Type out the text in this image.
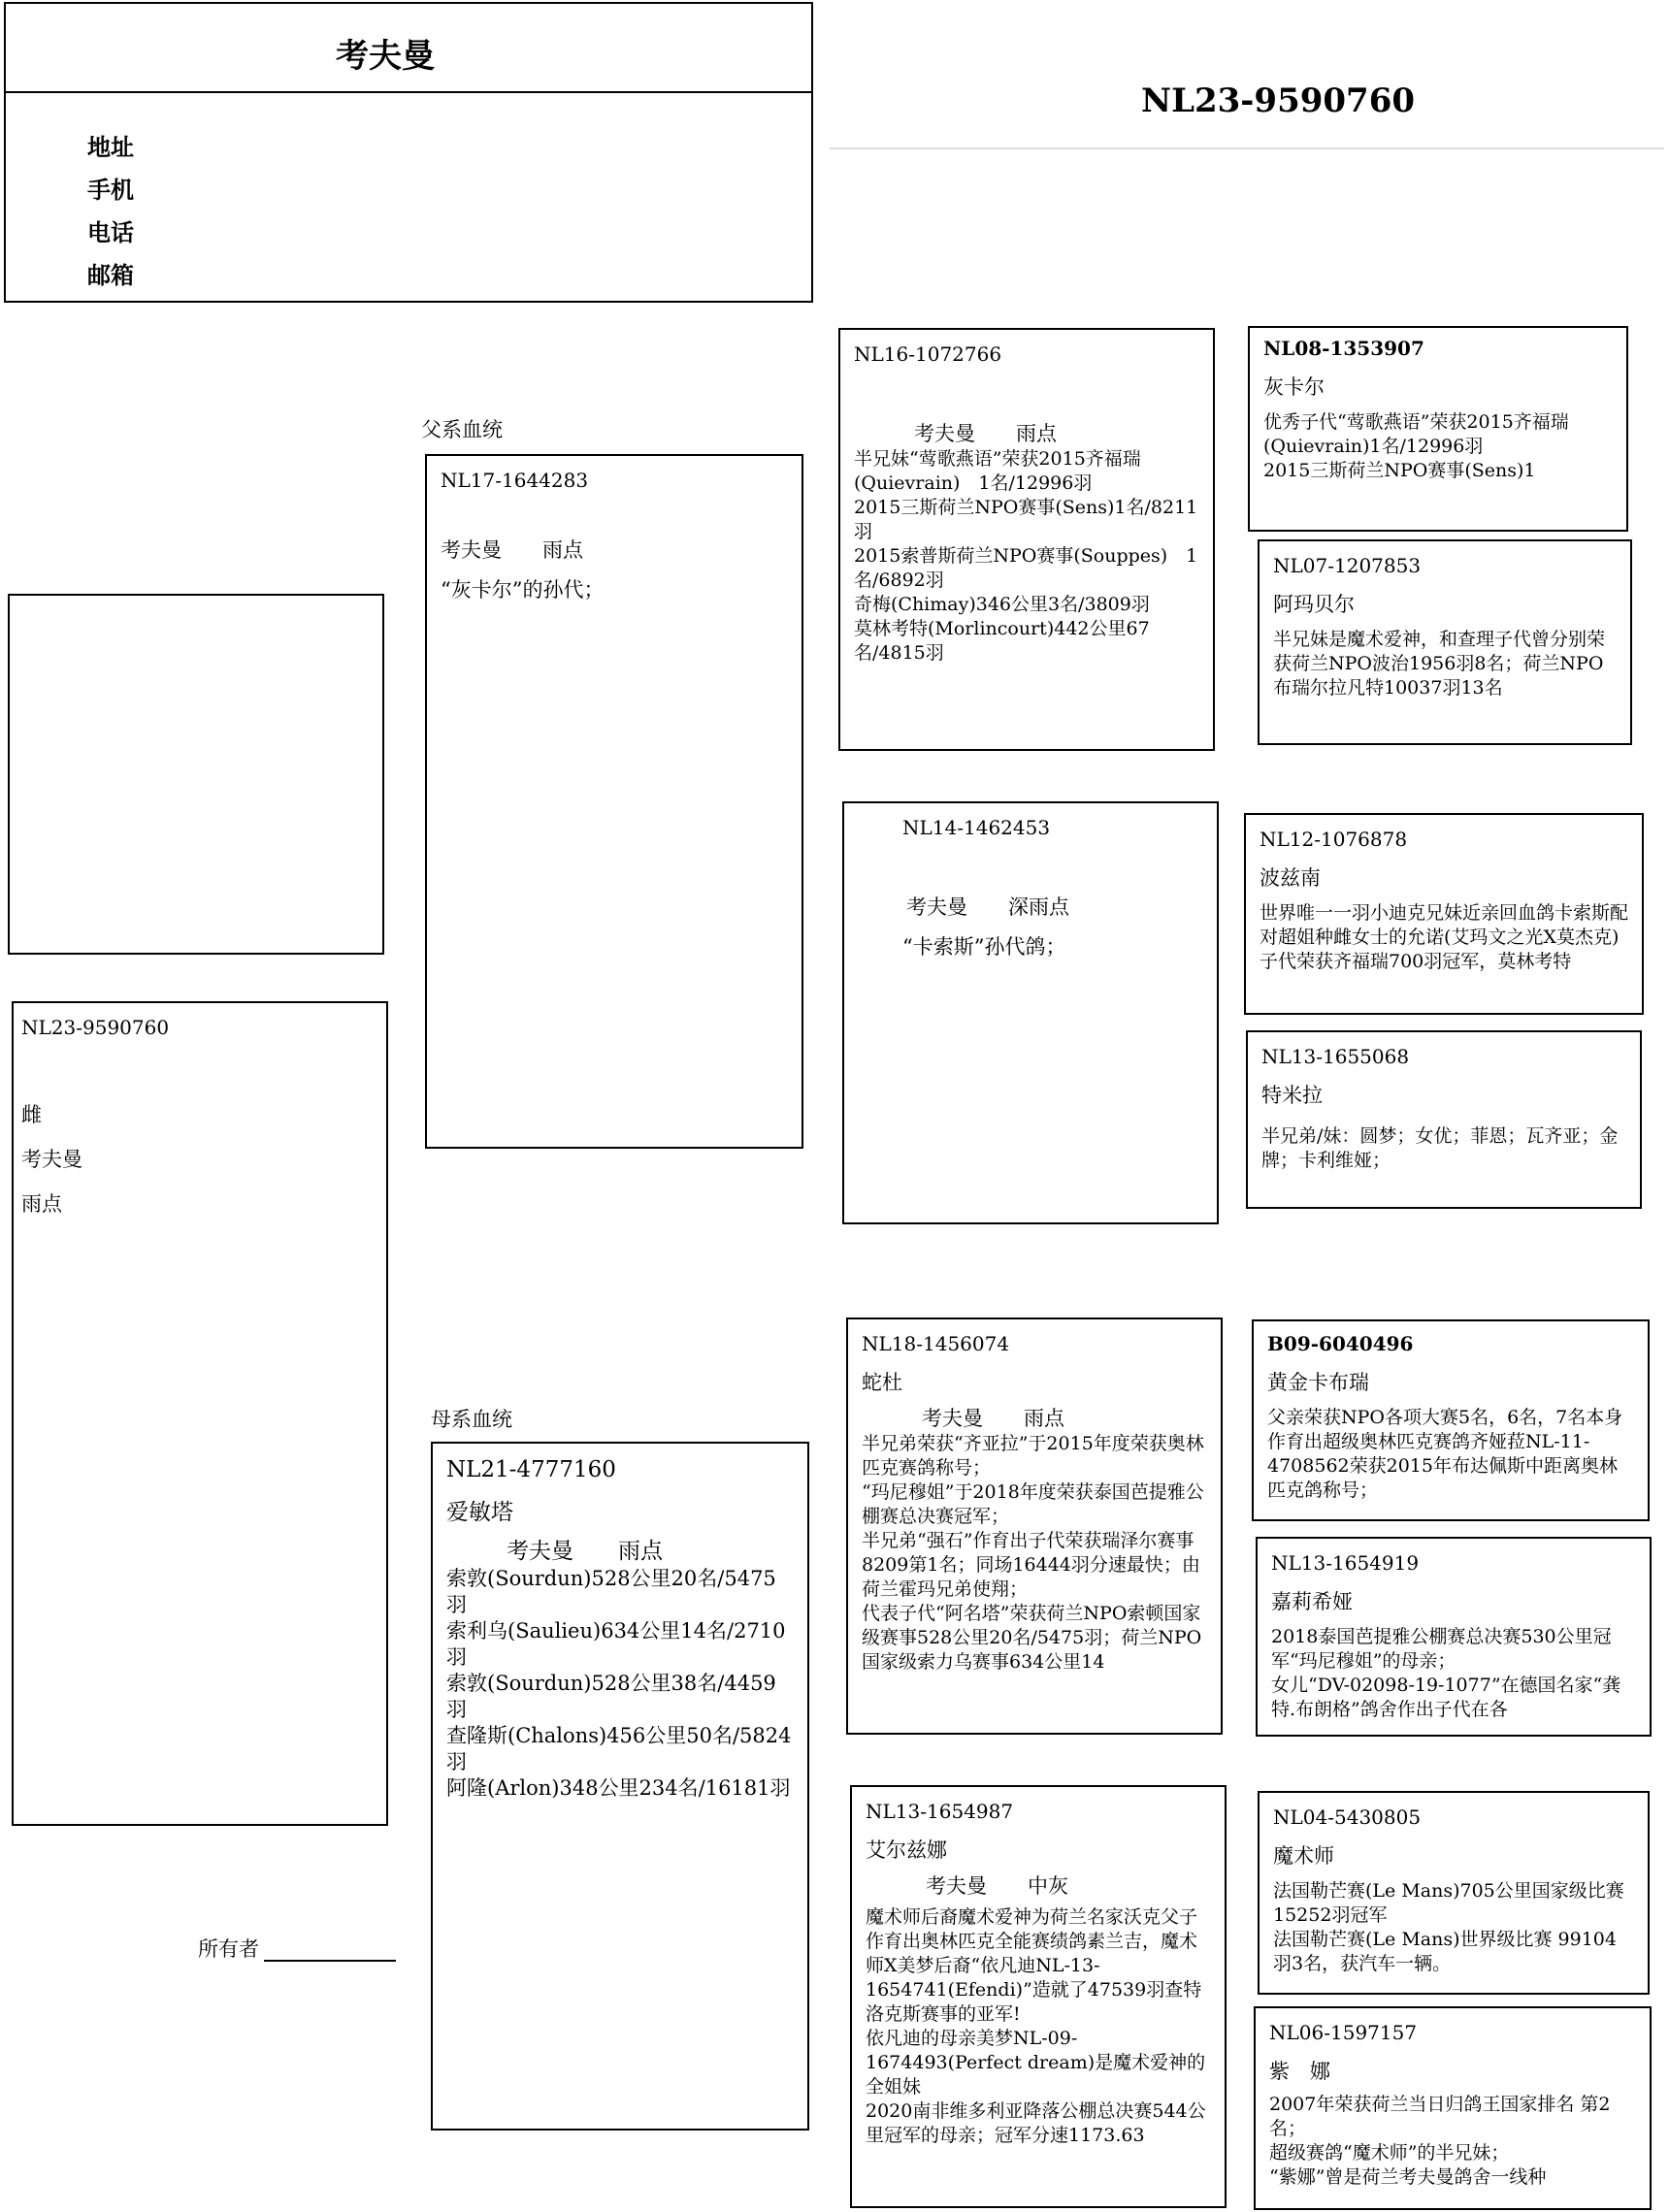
考夫曼
地址
手机
电话
邮箱
NL23-9590760
NL23-9590760
雌
考夫曼
雨点
所有者
父系血统
NL17-1644283
考夫曼　　雨点
“灰卡尔”的孙代；
母系血统
NL21-4777160
爱敏塔
考夫曼　　雨点
索敦(Sourdun)528公里20名/5475羽
索利乌(Saulieu)634公里14名/2710羽
索敦(Sourdun)528公里38名/4459羽
查隆斯(Chalons)456公里50名/5824羽
阿隆(Arlon)348公里234名/16181羽
NL16-1072766
考夫曼　　雨点
半兄妹“莺歌燕语”荣获2015齐福瑞(Quievrain)　1名/12996羽
2015三斯荷兰NPO赛事(Sens)1名/8211羽
2015索普斯荷兰NPO赛事(Souppes)　1名/6892羽
奇梅(Chimay)346公里3名/3809羽
莫林考特(Morlincourt)442公里67名/4815羽
NL14-1462453
考夫曼　　深雨点
“卡索斯”孙代鸽；
NL18-1456074
蛇杜
考夫曼　　雨点
半兄弟荣获“齐亚拉”于2015年度荣获奥林匹克赛鸽称号；
“玛尼穆姐”于2018年度荣获泰国芭提雅公棚赛总决赛冠军；
半兄弟“强石”作育出子代荣获瑞泽尔赛事8209第1名；同场16444羽分速最快；由荷兰霍玛兄弟使翔；
代表子代“阿名塔”荣获荷兰NPO索顿国家级赛事528公里20名/5475羽；荷兰NPO国家级索力乌赛事634公里14
NL13-1654987
艾尔兹娜
考夫曼　　中灰
魔术师后裔魔术爱神为荷兰名家沃克父子作育出奥林匹克全能赛绩鸽素兰吉，魔术师X美梦后裔“依凡迪NL-13-1654741(Efendi)”造就了47539羽查特洛克斯赛事的亚军!
依凡迪的母亲美梦NL-09-1674493(Perfect dream)是魔术爱神的全姐妹
2020南非维多利亚降落公棚总决赛544公里冠军的母亲；冠军分速1173.63
NL08-1353907
灰卡尔
优秀子代“莺歌燕语”荣获2015齐福瑞(Quievrain)1名/12996羽
2015三斯荷兰NPO赛事(Sens)1
NL07-1207853
阿玛贝尔
半兄妹是魔术爱神，和查理子代曾分别荣获荷兰NPO波治1956羽8名；荷兰NPO布瑞尔拉凡特10037羽13名
NL12-1076878
波兹南
世界唯一一羽小迪克兄妹近亲回血鸽卡索斯配对超姐种雌女士的允诺(艾玛文之光X莫杰克)
子代荣获齐福瑞700羽冠军，莫林考特
NL13-1655068
特米拉
半兄弟/妹：圆梦；女优；菲恩；瓦齐亚；金牌；卡利维娅；
B09-6040496
黄金卡布瑞
父亲荣获NPO各项大赛5名，6名，7名本身作育出超级奥林匹克赛鸽齐娅菈NL-11-4708562荣获2015年布达佩斯中距离奥林匹克鸽称号；
NL13-1654919
嘉莉希娅
2018泰国芭提雅公棚赛总决赛530公里冠军“玛尼穆姐”的母亲；
女儿“DV-02098-19-1077”在德国名家“龚特.布朗格”鸽舍作出子代在各
NL04-5430805
魔术师
法国勒芒赛(Le Mans)705公里国家级比赛15252羽冠军
法国勒芒赛(Le Mans)世界级比赛 99104羽3名，获汽车一辆。
NL06-1597157
紫　娜
2007年荣获荷兰当日归鸽王国家排名 第2名；
超级赛鸽“魔术师”的半兄妹；
“紫娜”曾是荷兰考夫曼鸽舍一线种
